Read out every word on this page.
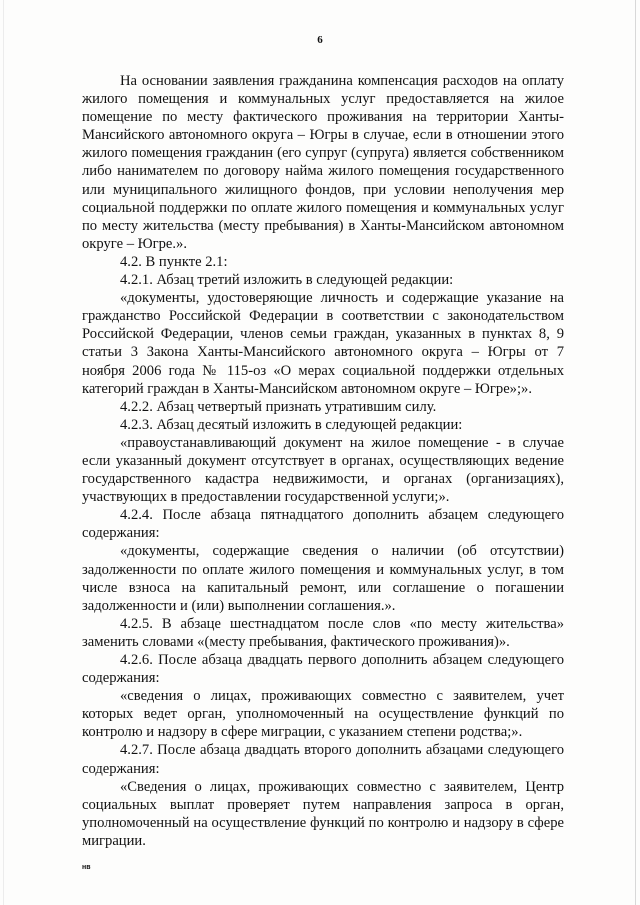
6

На основании заявления гражданина компенсация расходов на оплату жилого помещения и коммунальных услуг предоставляется на жилое помещение по месту фактического проживания на территории Ханты-Мансийского автономного округа – Югры в случае, если в отношении этого жилого помещения гражданин (его супруг (супруга) является собственником либо нанимателем по договору найма жилого помещения государственного или муниципального жилищного фондов, при условии неполучения мер социальной поддержки по оплате жилого помещения и коммунальных услуг по месту жительства (месту пребывания) в Ханты-Мансийском автономном округе – Югре.».

4.2. В пункте 2.1:

4.2.1. Абзац третий изложить в следующей редакции:

«документы, удостоверяющие личность и содержащие указание на гражданство Российской Федерации в соответствии с законодательством Российской Федерации, членов семьи граждан, указанных в пунктах 8, 9 статьи 3 Закона Ханты-Мансийского автономного округа – Югры от 7 ноября 2006 года № 115-оз «О мерах социальной поддержки отдельных категорий граждан в Ханты-Мансийском автономном округе – Югре»;».

4.2.2. Абзац четвертый признать утратившим силу.

4.2.3. Абзац десятый изложить в следующей редакции:

«правоустанавливающий документ на жилое помещение - в случае если указанный документ отсутствует в органах, осуществляющих ведение государственного кадастра недвижимости, и органах (организациях), участвующих в предоставлении государственной услуги;».

4.2.4. После абзаца пятнадцатого дополнить абзацем следующего содержания:

«документы, содержащие сведения о наличии (об отсутствии) задолженности по оплате жилого помещения и коммунальных услуг, в том числе взноса на капитальный ремонт, или соглашение о погашении задолженности и (или) выполнении соглашения.».

4.2.5. В абзаце шестнадцатом после слов «по месту жительства» заменить словами «(месту пребывания, фактического проживания)».

4.2.6. После абзаца двадцать первого дополнить абзацем следующего содержания:

«сведения о лицах, проживающих совместно с заявителем, учет которых ведет орган, уполномоченный на осуществление функций по контролю и надзору в сфере миграции, с указанием степени родства;».

4.2.7. После абзаца двадцать второго дополнить абзацами следующего содержания:

«Сведения о лицах, проживающих совместно с заявителем, Центр социальных выплат проверяет путем направления запроса в орган, уполномоченный на осуществление функций по контролю и надзору в сфере миграции.

нв
